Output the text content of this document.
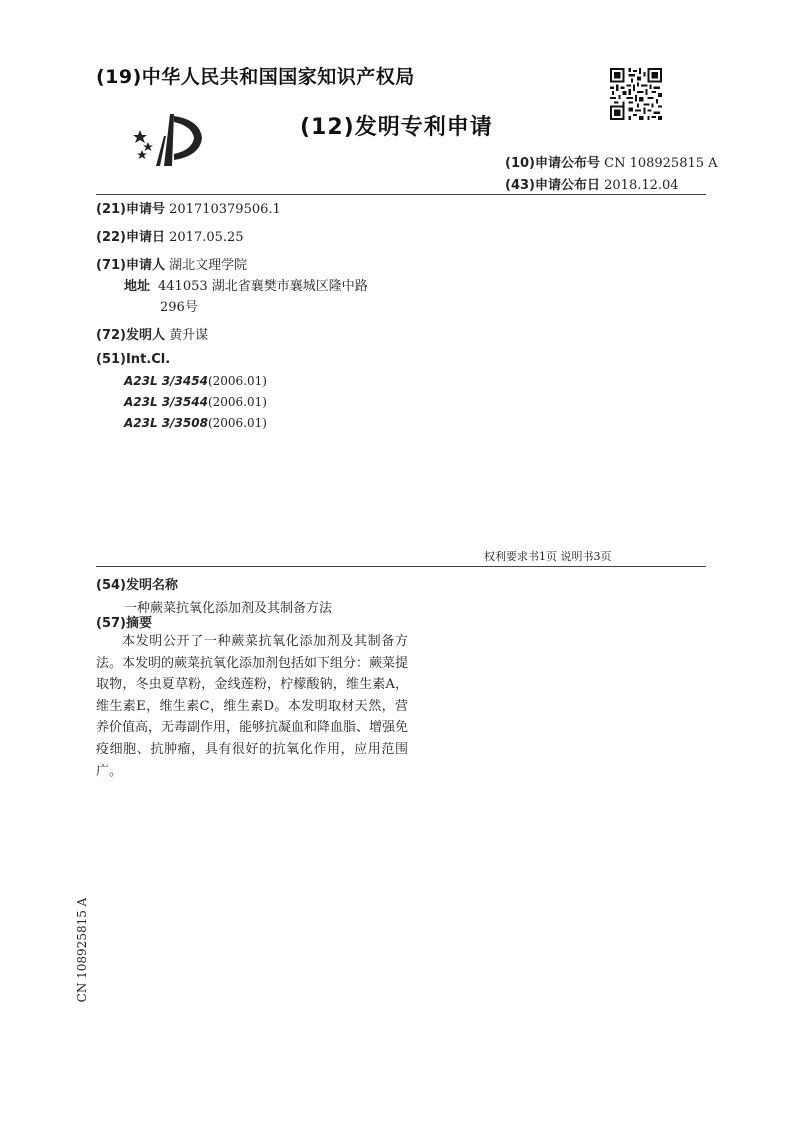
(19)中华人民共和国国家知识产权局
(12)发明专利申请
(10)申请公布号 CN 108925815 A
(43)申请公布日 2018.12.04
(21)申请号 201710379506.1
(22)申请日 2017.05.25
(71)申请人 湖北文理学院
地址 441053 湖北省襄樊市襄城区隆中路
296号
(72)发明人 黄升谋
(51)Int.Cl.
A23L 3/3454(2006.01)
A23L 3/3544(2006.01)
A23L 3/3508(2006.01)
权利要求书1页 说明书3页
(54)发明名称
一种蕨菜抗氧化添加剂及其制备方法
(57)摘要
本发明公开了一种蕨菜抗氧化添加剂及其制备方法。本发明的蕨菜抗氧化添加剂包括如下组分：蕨菜提取物，冬虫夏草粉，金线莲粉，柠檬酸钠，维生素A，维生素E，维生素C，维生素D。本发明取材天然，营养价值高，无毒副作用，能够抗凝血和降血脂、增强免疫细胞、抗肿瘤，具有很好的抗氧化作用，应用范围广。
CN 108925815 A
